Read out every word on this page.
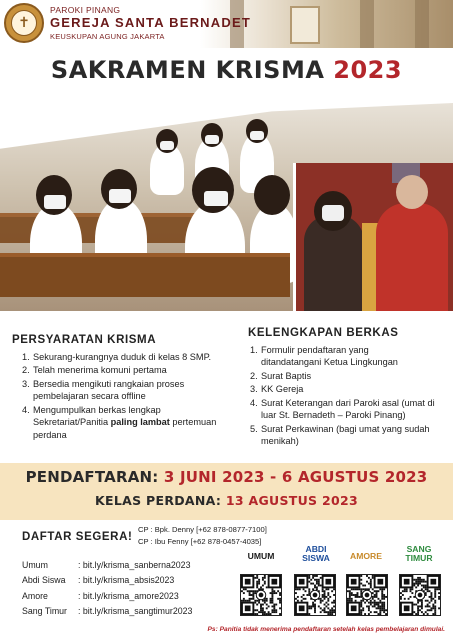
✝
PAROKI PINANG
GEREJA SANTA BERNADET
KEUSKUPAN AGUNG JAKARTA
SAKRAMEN KRISMA 2023
PERSYARATAN KRISMA
1. Sekurang-kurangnya duduk di kelas 8 SMP.
2. Telah menerima komuni pertama
3. Bersedia mengikuti rangkaian proses pembelajaran secara offline
4. Mengumpulkan berkas lengkap Sekretariat/Panitia paling lambat pertemuan perdana
KELENGKAPAN BERKAS
1. Formulir pendaftaran yang ditandatangani Ketua Lingkungan
2. Surat Baptis
3. KK Gereja
4. Surat Keterangan dari Paroki asal (umat di luar St. Bernadeth – Paroki Pinang)
5. Surat Perkawinan (bagi umat yang sudah menikah)
PENDAFTARAN: 3 JUNI 2023 - 6 AGUSTUS 2023
KELAS PERDANA: 13 AGUSTUS 2023
DAFTAR SEGERA!
CP : Bpk. Denny [+62 878-0877-7100]
CP : Ibu Fenny [+62 878-0457-4035]
Umum	: bit.ly/krisma_sanberna2023
Abdi Siswa	: bit.ly/krisma_absis2023
Amore	: bit.ly/krisma_amore2023
Sang Timur	: bit.ly/krisma_sangtimur2023
UMUM
ABDI
SISWA	AMORE
SANG
TIMUR
Ps: Panitia tidak menerima pendaftaran setelah kelas pembelajaran dimulai.
